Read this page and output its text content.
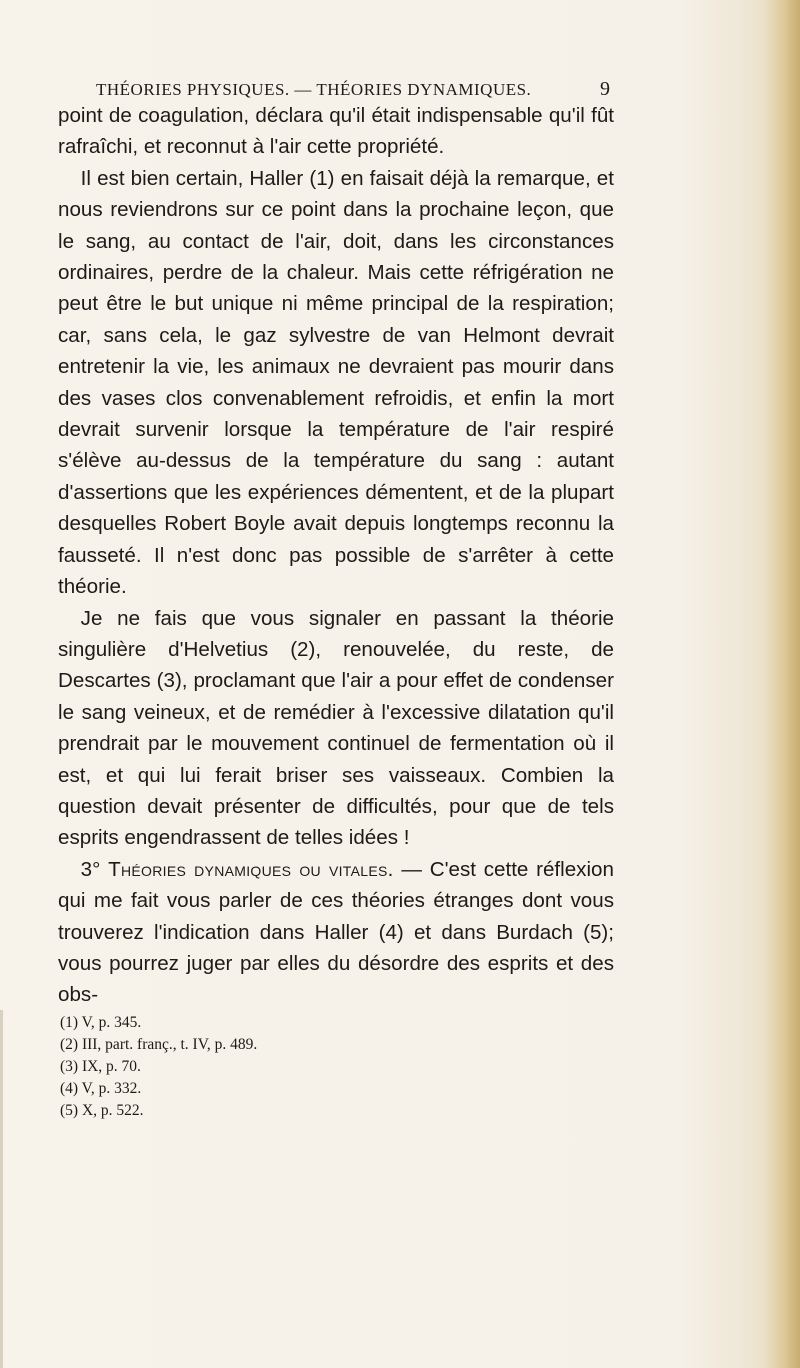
THÉORIES PHYSIQUES. — THÉORIES DYNAMIQUES.	9

point de coagulation, déclara qu'il était indispensable qu'il fût rafraîchi, et reconnut à l'air cette propriété.

Il est bien certain, Haller (1) en faisait déjà la remarque, et nous reviendrons sur ce point dans la prochaine leçon, que le sang, au contact de l'air, doit, dans les circonstances ordinaires, perdre de la chaleur. Mais cette réfrigération ne peut être le but unique ni même principal de la respiration; car, sans cela, le gaz sylvestre de van Helmont devrait entretenir la vie, les animaux ne devraient pas mourir dans des vases clos convenablement refroidis, et enfin la mort devrait survenir lorsque la température de l'air respiré s'élève au-dessus de la température du sang : autant d'assertions que les expériences démentent, et de la plupart desquelles Robert Boyle avait depuis longtemps reconnu la fausseté. Il n'est donc pas possible de s'arrêter à cette théorie.

Je ne fais que vous signaler en passant la théorie singulière d'Helvetius (2), renouvelée, du reste, de Descartes (3), proclamant que l'air a pour effet de condenser le sang veineux, et de remédier à l'excessive dilatation qu'il prendrait par le mouvement continuel de fermentation où il est, et qui lui ferait briser ses vaisseaux. Combien la question devait présenter de difficultés, pour que de tels esprits engendrassent de telles idées !

3° Théories dynamiques ou vitales. — C'est cette réflexion qui me fait vous parler de ces théories étranges dont vous trouverez l'indication dans Haller (4) et dans Burdach (5); vous pourrez juger par elles du désordre des esprits et des obs-

(1) V, p. 345.
(2) III, part. franç., t. IV, p. 489.
(3) IX, p. 70.
(4) V, p. 332.
(5) X, p. 522.
